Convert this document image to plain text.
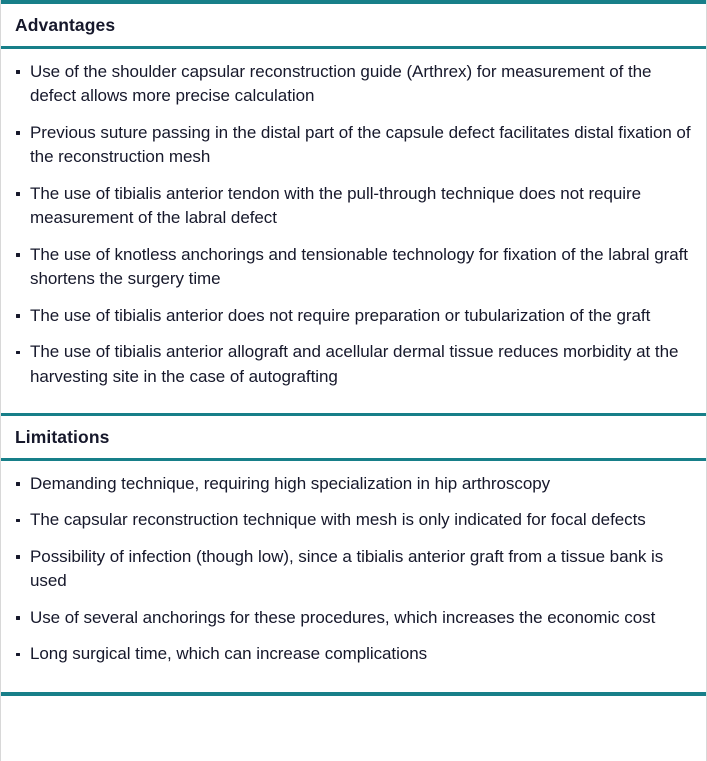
Advantages
Use of the shoulder capsular reconstruction guide (Arthrex) for measurement of the defect allows more precise calculation
Previous suture passing in the distal part of the capsule defect facilitates distal fixation of the reconstruction mesh
The use of tibialis anterior tendon with the pull-through technique does not require measurement of the labral defect
The use of knotless anchorings and tensionable technology for fixation of the labral graft shortens the surgery time
The use of tibialis anterior does not require preparation or tubularization of the graft
The use of tibialis anterior allograft and acellular dermal tissue reduces morbidity at the harvesting site in the case of autografting
Limitations
Demanding technique, requiring high specialization in hip arthroscopy
The capsular reconstruction technique with mesh is only indicated for focal defects
Possibility of infection (though low), since a tibialis anterior graft from a tissue bank is used
Use of several anchorings for these procedures, which increases the economic cost
Long surgical time, which can increase complications
